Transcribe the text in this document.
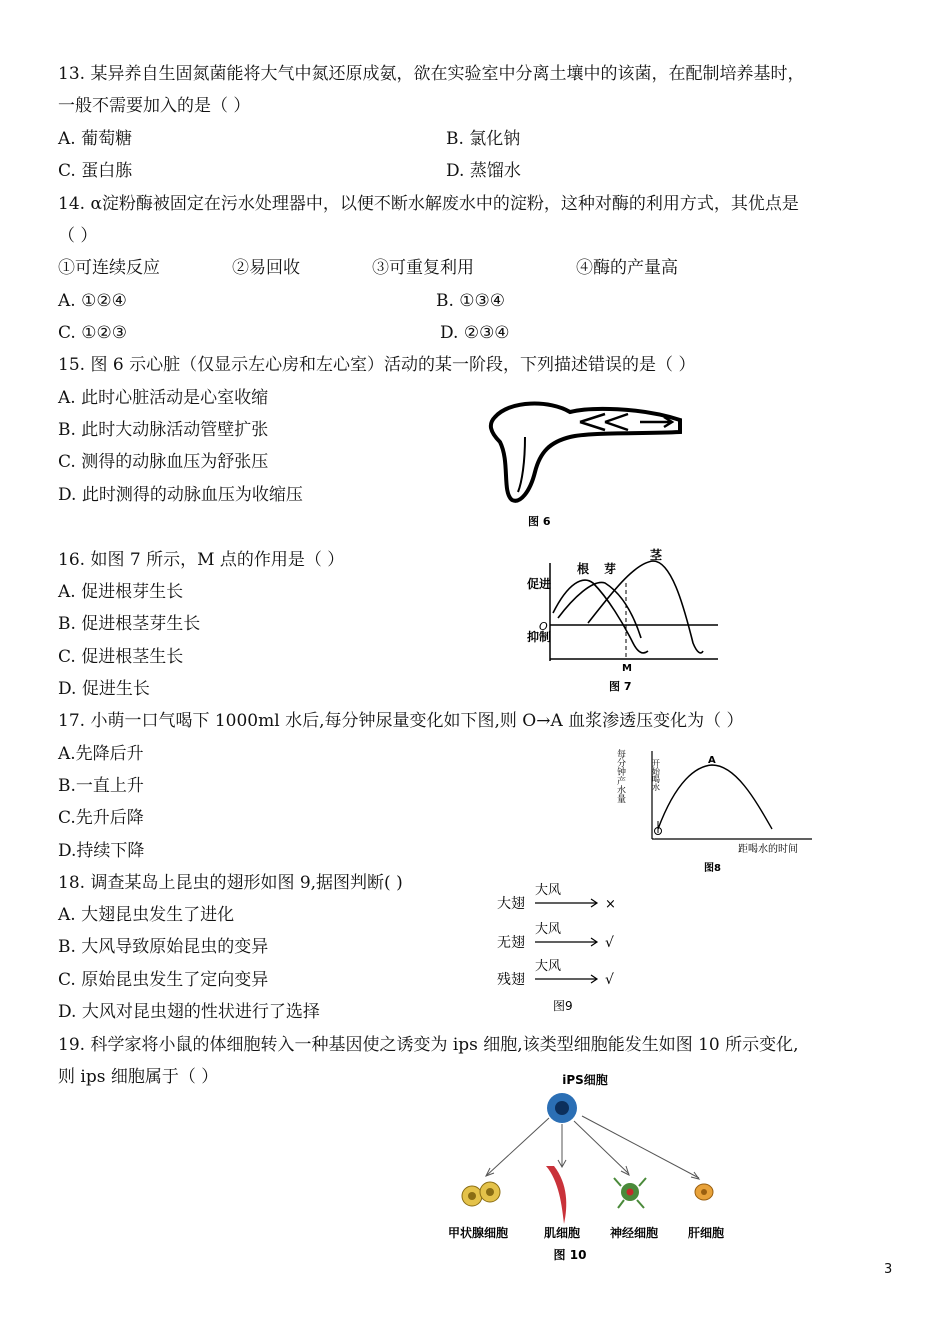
13. 某异养自生固氮菌能将大气中氮还原成氨，欲在实验室中分离土壤中的该菌，在配制培养基时，
一般不需要加入的是（ ）
A. 葡萄糖	B. 氯化钠
C. 蛋白胨	D. 蒸馏水
14. α淀粉酶被固定在污水处理器中，以便不断水解废水中的淀粉，这种对酶的利用方式，其优点是
（ ）
①可连续反应	②易回收	③可重复利用	④酶的产量高
A. ①②④	B. ①③④
C. ①②③	D. ②③④
15. 图 6 示心脏（仅显示左心房和左心室）活动的某一阶段，下列描述错误的是（ ）
A. 此时心脏活动是心室收缩
B. 此时大动脉活动管壁扩张
C. 测得的动脉血压为舒张压
D. 此时测得的动脉血压为收缩压
图 6
16. 如图 7 所示，M 点的作用是（ ）
A. 促进根芽生长
B. 促进根茎芽生长
C. 促进根茎生长
D. 促进生长
促进
抑制
O
根 芽
茎
M
图 7
17. 小萌一口气喝下 1000ml 水后,每分钟尿量变化如下图,则 O→A 血浆渗透压变化为（ ）
A.先降后升
B.一直上升
C.先升后降
D.持续下降
每分钟产水量	开始喝水	A
O
距喝水的时间
图8
18. 调查某岛上昆虫的翅形如图 9,据图判断( )
A. 大翅昆虫发生了进化
B. 大风导致原始昆虫的变异
C. 原始昆虫发生了定向变异
D. 大风对昆虫翅的性状进行了选择
大翅
大风
×
无翅
大风
√
残翅
大风
√
图9
19. 科学家将小鼠的体细胞转入一种基因使之诱变为 ips 细胞,该类型细胞能发生如图 10 所示变化,
则 ips 细胞属于（ ）	iPS细胞
甲状腺细胞	肌细胞 神经细胞 肝细胞
图 10
3
